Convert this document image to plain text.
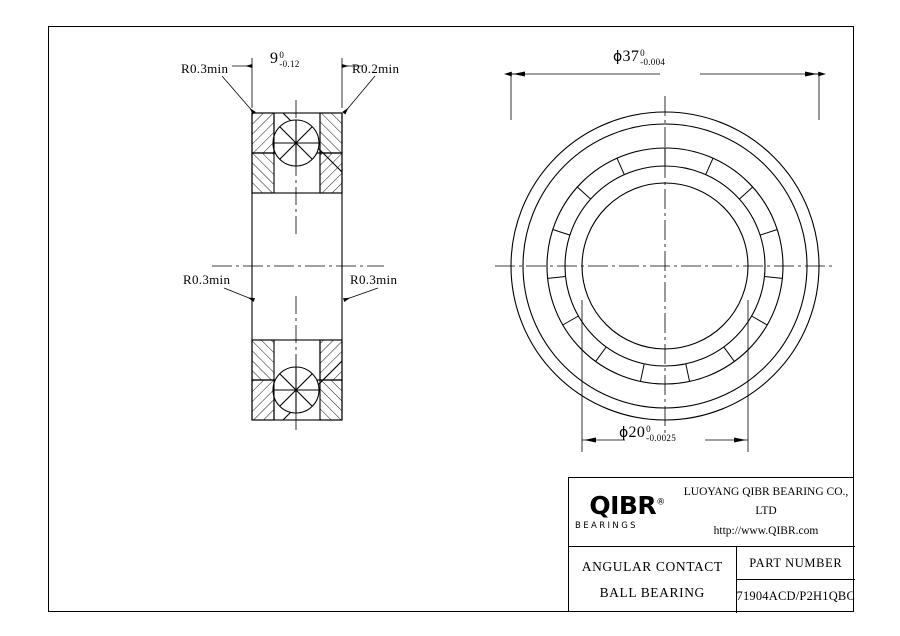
R0.3min	R0.2min
R0.3min	R0.3min
9 0
-0.12	ϕ37 0
-0.004
ϕ20 0
-0.0025
QIBR®
BEARINGS
LUOYANG QIBR BEARING CO., LTD
http://www.QIBR.com
ANGULAR CONTACT
BALL BEARING
PART NUMBER
71904ACD/P2H1QBC
